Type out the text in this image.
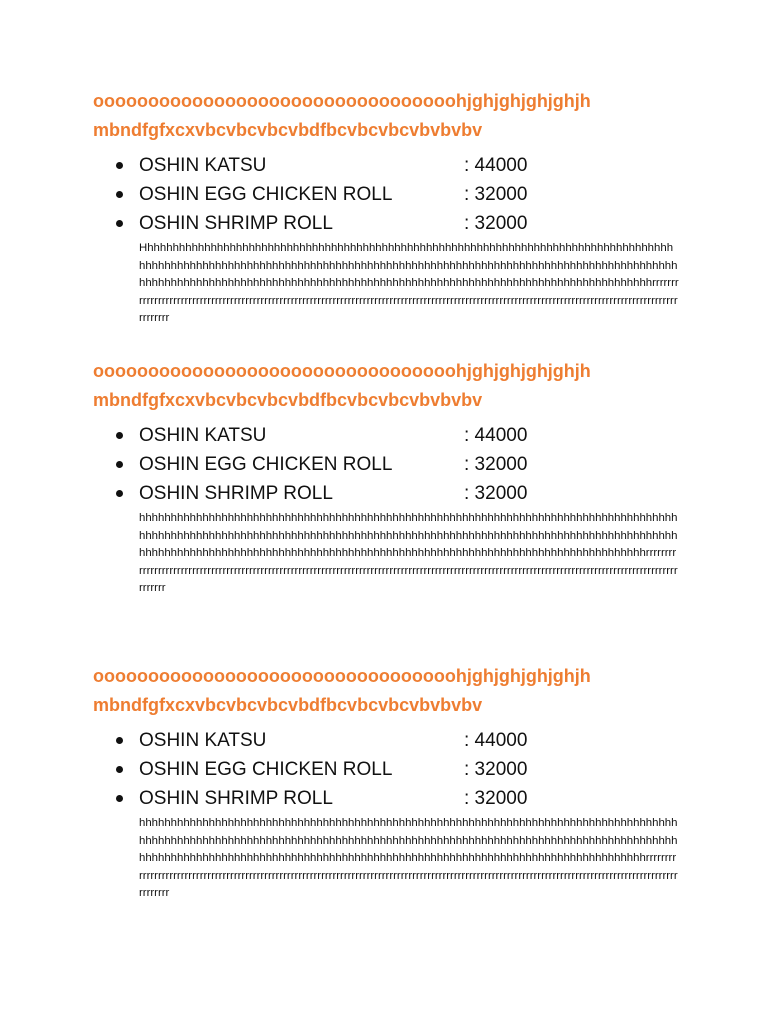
ooooooooooooooooooooooooooooooooohjghjghjghjghjh
mbndfgfxcxvbcvbcvbcvbdfbcvbcvbcvbvbvbv
OSHIN KATSU	: 44000
OSHIN EGG CHICKEN ROLL	: 32000
OSHIN SHRIMP ROLL	: 32000

Hhhhhhhhhhhhhhhhhhhhhhhhhhhhhhhhhhhhhhhhhhhhhhhhhhhhhhhhhhhhhhhhhhhhhhhhhhhhhhhhhhhhhhhhhhhhhhhhhhhhhhhhhhhhhhhhhhhhhhhhhhhhhhhhhhhhhhhhhhhhhhhhhhhhhhhhhhhhhhhhhhhhhhhhhhhhhhhhhhhhhhhhhhhhhhhhhhhhhhhhhhhhhhhhhhhhhhhhhhhhhhhhhhhhhhhhhhhhhhhhhhhhhhhhhhrrrrrrrrrrrrrrrrrrrrrrrrrrrrrrrrrrrrrrrrrrrrrrrrrrrrrrrrrrrrrrrrrrrrrrrrrrrrrrrrrrrrrrrrrrrrrrrrrrrrrrrrrrrrrrrrrrrrrrrrrrrrrrrrrrrrrrrrrrrrrrrrrrrrrrrrrrrrr

ooooooooooooooooooooooooooooooooohjghjghjghjghjh
mbndfgfxcxvbcvbcvbcvbdfbcvbcvbcvbvbvbv
OSHIN KATSU	: 44000
OSHIN EGG CHICKEN ROLL	: 32000
OSHIN SHRIMP ROLL	: 32000

hhhhhhhhhhhhhhhhhhhhhhhhhhhhhhhhhhhhhhhhhhhhhhhhhhhhhhhhhhhhhhhhhhhhhhhhhhhhhhhhhhhhhhhhhhhhhhhhhhhhhhhhhhhhhhhhhhhhhhhhhhhhhhhhhhhhhhhhhhhhhhhhhhhhhhhhhhhhhhhhhhhhhhhhhhhhhhhhhhhhhhhhhhhhhhhhhhhhhhhhhhhhhhhhhhhhhhhhhhhhhhhhhhhhhhhhhhhhhhhhhhhhhhhhhhrrrrrrrrrrrrrrrrrrrrrrrrrrrrrrrrrrrrrrrrrrrrrrrrrrrrrrrrrrrrrrrrrrrrrrrrrrrrrrrrrrrrrrrrrrrrrrrrrrrrrrrrrrrrrrrrrrrrrrrrrrrrrrrrrrrrrrrrrrrrrrrrrrrrrrrrrrrrr

ooooooooooooooooooooooooooooooooohjghjghjghjghjh
mbndfgfxcxvbcvbcvbcvbdfbcvbcvbcvbvbvbv
OSHIN KATSU	: 44000
OSHIN EGG CHICKEN ROLL	: 32000
OSHIN SHRIMP ROLL	: 32000

hhhhhhhhhhhhhhhhhhhhhhhhhhhhhhhhhhhhhhhhhhhhhhhhhhhhhhhhhhhhhhhhhhhhhhhhhhhhhhhhhhhhhhhhhhhhhhhhhhhhhhhhhhhhhhhhhhhhhhhhhhhhhhhhhhhhhhhhhhhhhhhhhhhhhhhhhhhhhhhhhhhhhhhhhhhhhhhhhhhhhhhhhhhhhhhhhhhhhhhhhhhhhhhhhhhhhhhhhhhhhhhhhhhhhhhhhhhhhhhhhhhhhhhhhhrrrrrrrrrrrrrrrrrrrrrrrrrrrrrrrrrrrrrrrrrrrrrrrrrrrrrrrrrrrrrrrrrrrrrrrrrrrrrrrrrrrrrrrrrrrrrrrrrrrrrrrrrrrrrrrrrrrrrrrrrrrrrrrrrrrrrrrrrrrrrrrrrrrrrrrrrrrrrr
